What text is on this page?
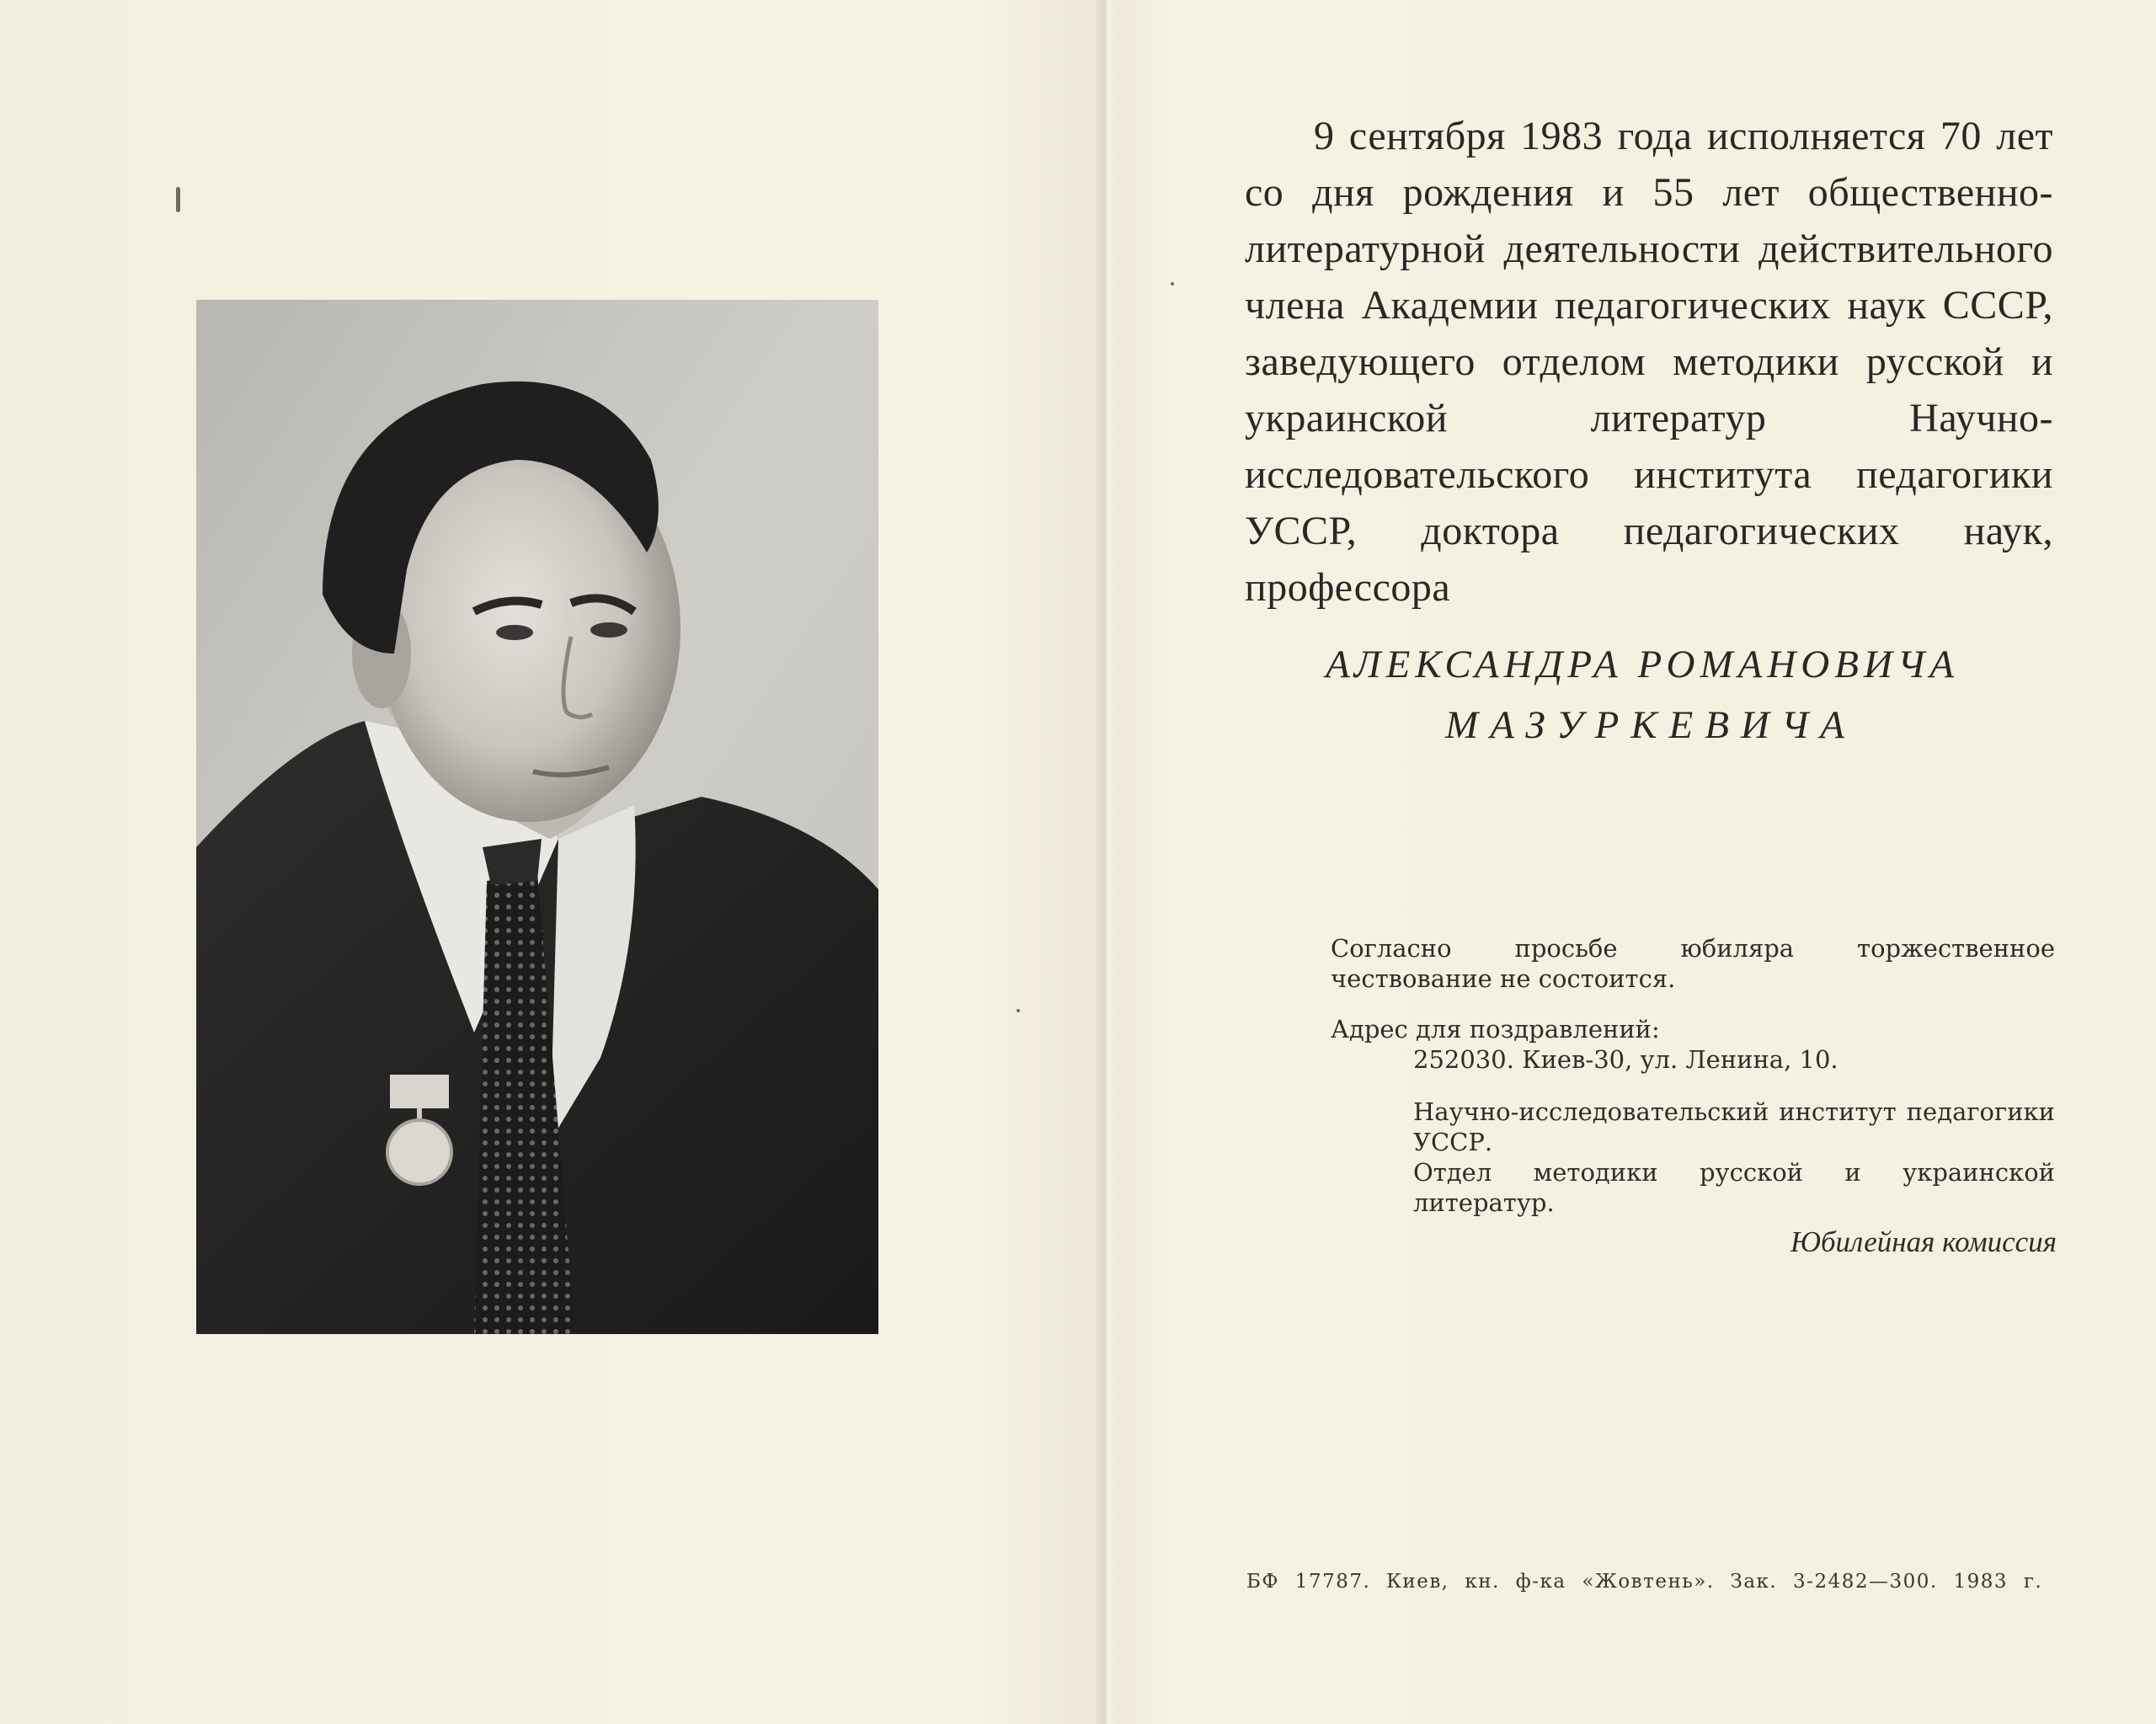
9 сентября 1983 года исполняется 70 лет со дня рождения и 55 лет общественно-литературной деятельности действительного члена Академии педагогических наук СССР, заведующего отделом методики русской и украинской литератур Научно-исследовательского института педагогики УССР, доктора педагогических наук, профессора
АЛЕКСАНДРА РОМАНОВИЧА
МАЗУРКЕВИЧА

Согласно просьбе юбиляра торжественное чествование не состоится.

Адрес для поздравлений:
252030. Киев-30, ул. Ленина, 10.
Научно-исследовательский институт педагогики УССР.
Отдел методики русской и украинской литератур.
Юбилейная комиссия
БФ 17787. Киев, кн. ф-ка «Жовтень». Зак. 3-2482—300. 1983 г.
